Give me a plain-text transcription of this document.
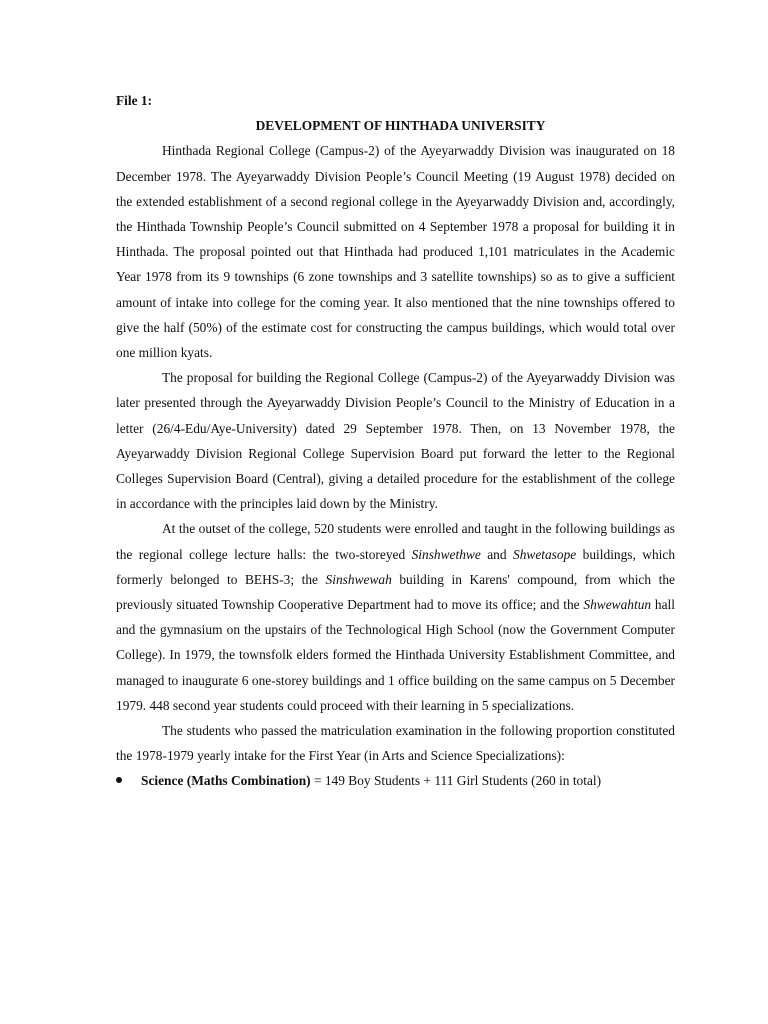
File 1:

DEVELOPMENT OF HINTHADA UNIVERSITY

Hinthada Regional College (Campus-2) of the Ayeyarwaddy Division was inaugurated on 18 December 1978. The Ayeyarwaddy Division People’s Council Meeting (19 August 1978) decided on the extended establishment of a second regional college in the Ayeyarwaddy Division and, accordingly, the Hinthada Township People’s Council submitted on 4 September 1978 a proposal for building it in Hinthada. The proposal pointed out that Hinthada had produced 1,101 matriculates in the Academic Year 1978 from its 9 townships (6 zone townships and 3 satellite townships) so as to give a sufficient amount of intake into college for the coming year. It also mentioned that the nine townships offered to give the half (50%) of the estimate cost for constructing the campus buildings, which would total over one million kyats.

The proposal for building the Regional College (Campus-2) of the Ayeyarwaddy Division was later presented through the Ayeyarwaddy Division People’s Council to the Ministry of Education in a letter (26/4-Edu/Aye-University) dated 29 September 1978. Then, on 13 November 1978, the Ayeyarwaddy Division Regional College Supervision Board put forward the letter to the Regional Colleges Supervision Board (Central), giving a detailed procedure for the establishment of the college in accordance with the principles laid down by the Ministry.

At the outset of the college, 520 students were enrolled and taught in the following buildings as the regional college lecture halls: the two-storeyed Sinshwethwe and Shwetasope buildings, which formerly belonged to BEHS-3; the Sinshwewah building in Karens' compound, from which the previously situated Township Cooperative Department had to move its office; and the Shwewahtun hall and the gymnasium on the upstairs of the Technological High School (now the Government Computer College). In 1979, the townsfolk elders formed the Hinthada University Establishment Committee, and managed to inaugurate 6 one-storey buildings and 1 office building on the same campus on 5 December 1979. 448 second year students could proceed with their learning in 5 specializations.

The students who passed the matriculation examination in the following proportion constituted the 1978-1979 yearly intake for the First Year (in Arts and Science Specializations):

Science (Maths Combination) = 149 Boy Students + 111 Girl Students (260 in total)
